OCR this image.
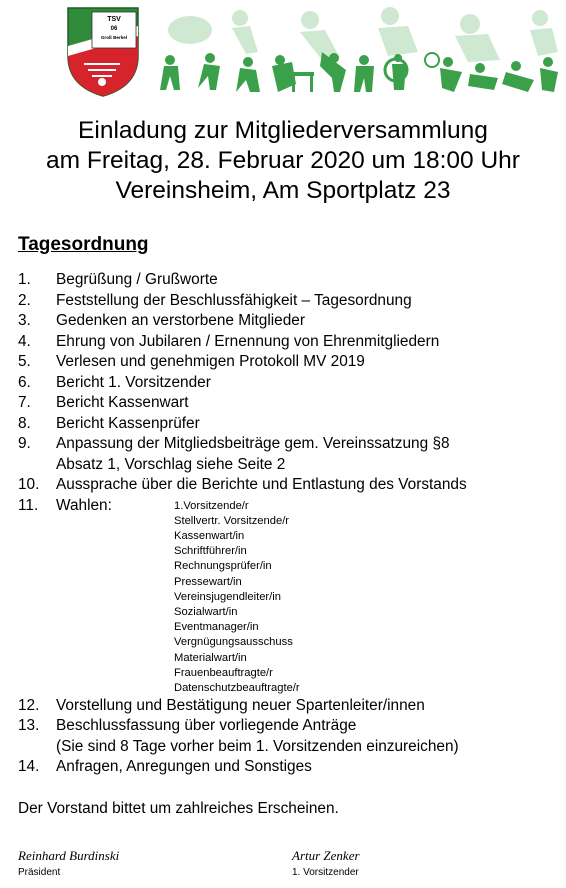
TSV
06
Groß Berkel
Einladung zur Mitgliederversammlung
am Freitag, 28. Februar 2020 um 18:00 Uhr
Vereinsheim, Am Sportplatz 23
Tagesordnung
1.	Begrüßung / Grußworte
2.	Feststellung der Beschlussfähigkeit – Tagesordnung
3.	Gedenken an verstorbene Mitglieder
4.	Ehrung von Jubilaren / Ernennung von Ehrenmitgliedern
5.	Verlesen und genehmigen Protokoll MV 2019
6.	Bericht 1. Vorsitzender
7.	Bericht Kassenwart
8.	Bericht Kassenprüfer
9.	Anpassung der Mitgliedsbeiträge gem. Vereinssatzung §8
Absatz 1, Vorschlag siehe Seite 2
10.	Aussprache über die Berichte und Entlastung des Vorstands
11.	Wahlen:	1.Vorsitzende/r
Stellvertr. Vorsitzende/r
Kassenwart/in
Schriftführer/in
Rechnungsprüfer/in
Pressewart/in
Vereinsjugendleiter/in
Sozialwart/in
Eventmanager/in
Vergnügungsausschuss
Materialwart/in
Frauenbeauftragte/r
Datenschutzbeauftragte/r
12.	Vorstellung und Bestätigung neuer Spartenleiter/innen
13.	Beschlussfassung über vorliegende Anträge
(Sie sind 8 Tage vorher beim 1. Vorsitzenden einzureichen)
14.	Anfragen, Anregungen und Sonstiges
Der Vorstand bittet um zahlreiches Erscheinen.
Reinhard Burdinski
Präsident
Artur Zenker
1. Vorsitzender
